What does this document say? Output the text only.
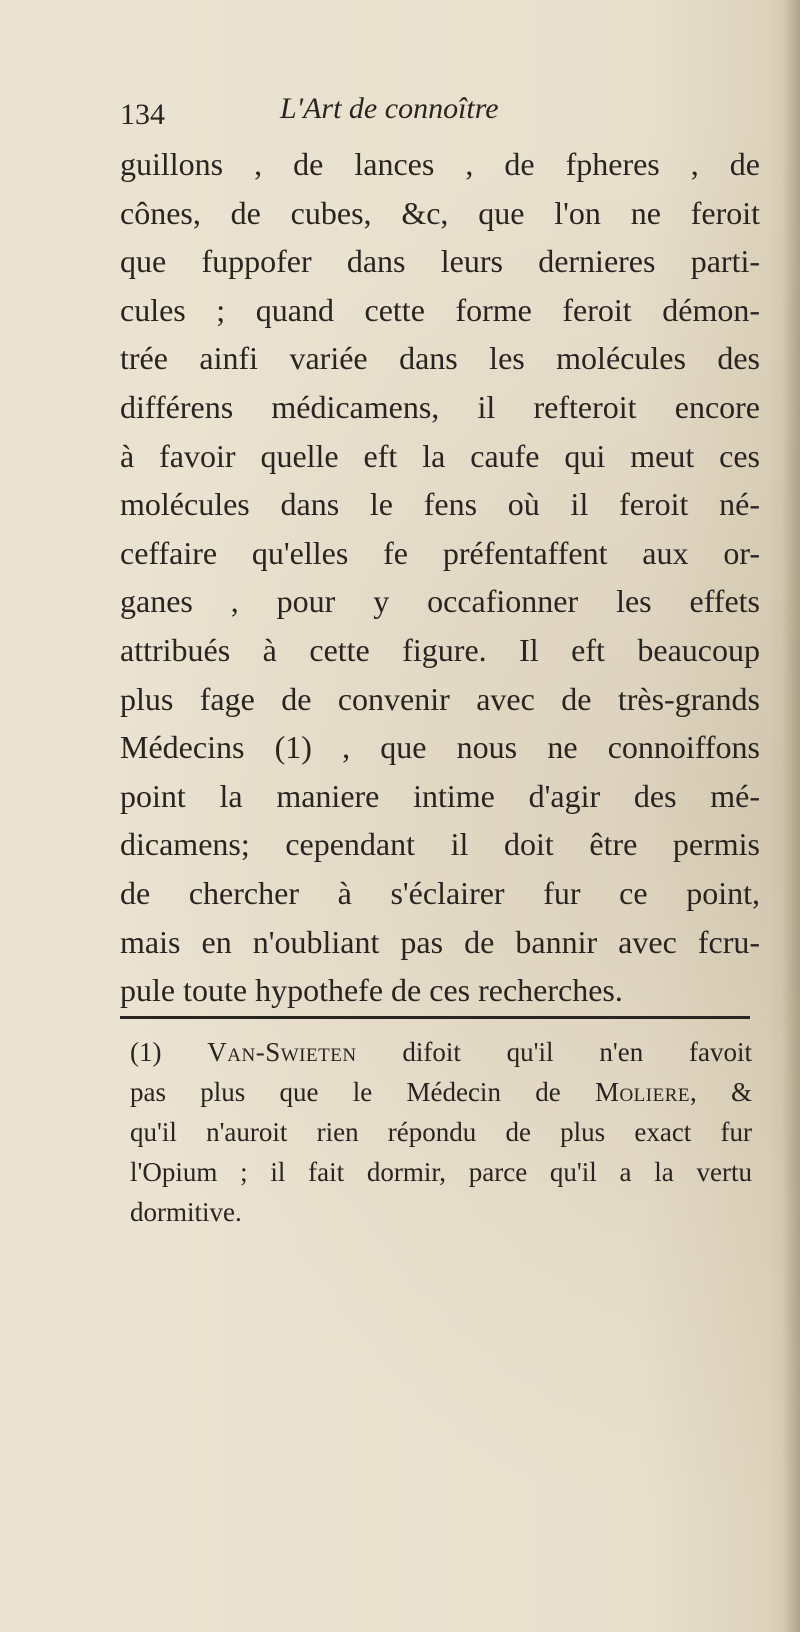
134	L'Art de connoître
guillons , de lances , de fpheres , de
cônes, de cubes, &c, que l'on ne feroit
que fuppofer dans leurs dernieres parti-
cules ; quand cette forme feroit démon-
trée ainfi variée dans les molécules des
différens médicamens, il refteroit encore
à favoir quelle eft la caufe qui meut ces
molécules dans le fens où il feroit né-
ceffaire qu'elles fe préfentaffent aux or-
ganes , pour y occafionner les effets
attribués à cette figure. Il eft beaucoup
plus fage de convenir avec de très-grands
Médecins (1) , que nous ne connoiffons
point la maniere intime d'agir des mé-
dicamens; cependant il doit être permis
de chercher à s'éclairer fur ce point,
mais en n'oubliant pas de bannir avec fcru-
pule toute hypothefe de ces recherches.
(1) Van-Swieten difoit qu'il n'en favoit
pas plus que le Médecin de Moliere, &
qu'il n'auroit rien répondu de plus exact fur
l'Opium ; il fait dormir, parce qu'il a la vertu
dormitive.
